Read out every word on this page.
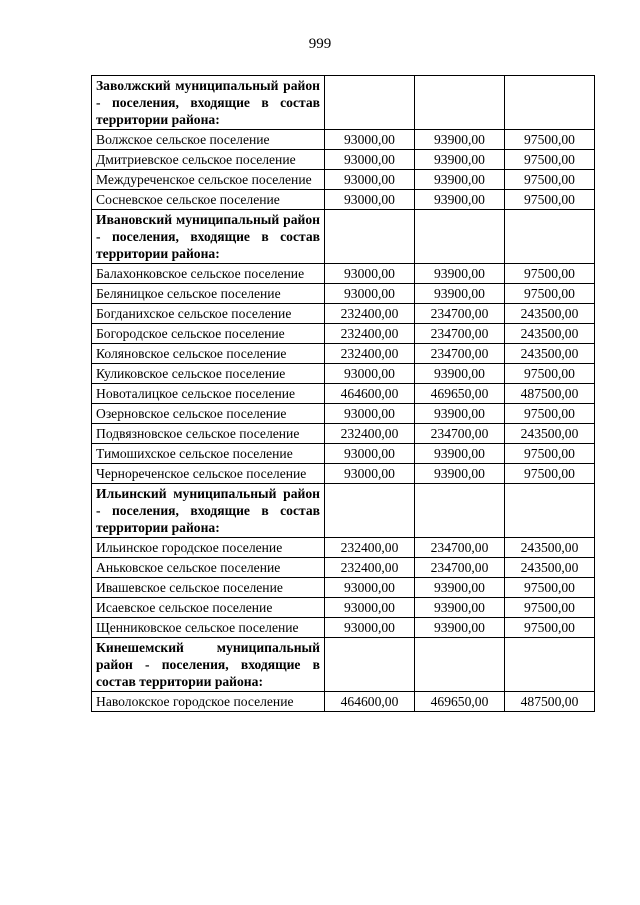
999
Заволжский муниципальный район - поселения, входящие в состав территории района:			
Волжское сельское поселение	93000,00	93900,00	97500,00
Дмитриевское сельское поселение	93000,00	93900,00	97500,00
Междуреченское сельское поселение	93000,00	93900,00	97500,00
Сосневское сельское поселение	93000,00	93900,00	97500,00
Ивановский муниципальный район - поселения, входящие в состав территории района:			
Балахонковское сельское поселение	93000,00	93900,00	97500,00
Беляницкое сельское поселение	93000,00	93900,00	97500,00
Богданихское сельское поселение	232400,00	234700,00	243500,00
Богородское сельское поселение	232400,00	234700,00	243500,00
Коляновское сельское поселение	232400,00	234700,00	243500,00
Куликовское сельское поселение	93000,00	93900,00	97500,00
Новоталицкое сельское поселение	464600,00	469650,00	487500,00
Озерновское сельское поселение	93000,00	93900,00	97500,00
Подвязновское сельское поселение	232400,00	234700,00	243500,00
Тимошихское сельское поселение	93000,00	93900,00	97500,00
Чернореченское сельское поселение	93000,00	93900,00	97500,00
Ильинский муниципальный район - поселения, входящие в состав территории района:			
Ильинское городское поселение	232400,00	234700,00	243500,00
Аньковское сельское поселение	232400,00	234700,00	243500,00
Ивашевское сельское поселение	93000,00	93900,00	97500,00
Исаевское сельское поселение	93000,00	93900,00	97500,00
Щенниковское сельское поселение	93000,00	93900,00	97500,00
Кинешемский муниципальный район - поселения, входящие в состав территории района:			
Наволокское городское поселение	464600,00	469650,00	487500,00
